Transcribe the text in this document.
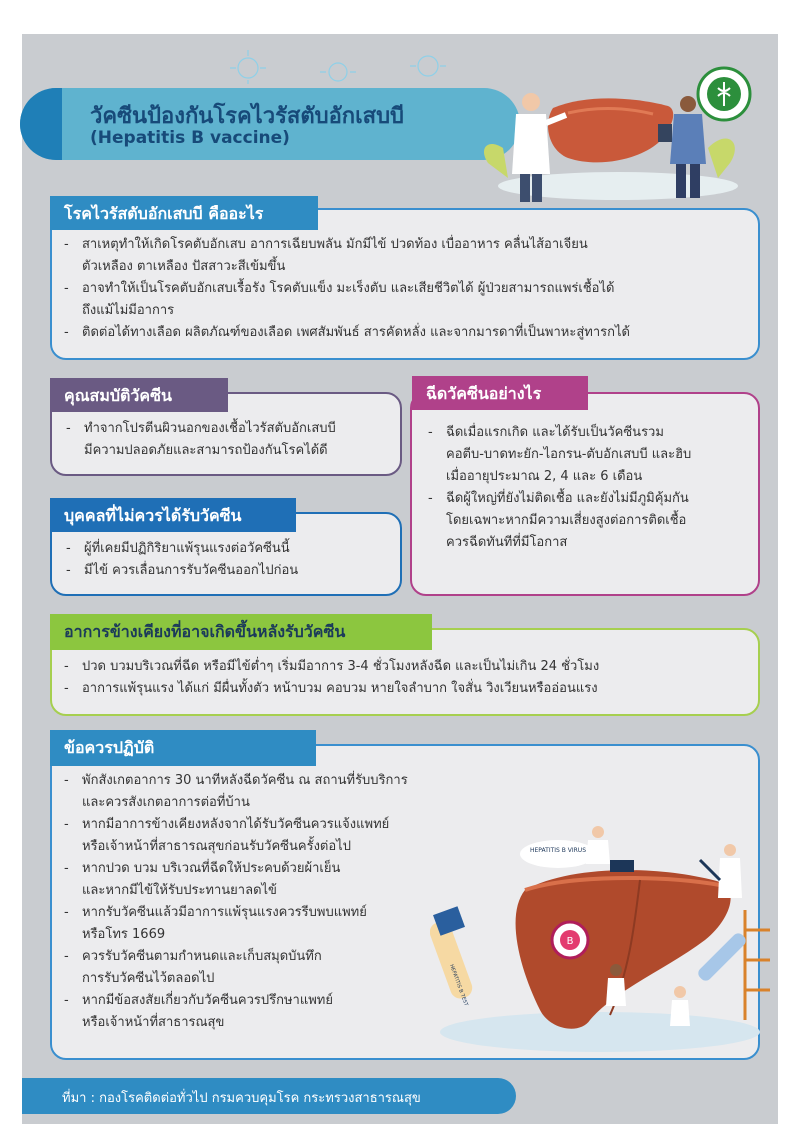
วัคซีนป้องกันโรคไวรัสตับอักเสบบี
(Hepatitis B vaccine)
โรคไวรัสตับอักเสบบี คืออะไร
- สาเหตุทำให้เกิดโรคตับอักเสบ อาการเฉียบพลัน มักมีไข้ ปวดท้อง เบื่ออาหาร คลื่นไส้อาเจียน
ตัวเหลือง ตาเหลือง ปัสสาวะสีเข้มขึ้น
- อาจทำให้เป็นโรคตับอักเสบเรื้อรัง โรคตับแข็ง มะเร็งตับ และเสียชีวิตได้ ผู้ป่วยสามารถแพร่เชื้อได้
ถึงแม้ไม่มีอาการ
- ติดต่อได้ทางเลือด ผลิตภัณฑ์ของเลือด เพศสัมพันธ์ สารคัดหลั่ง และจากมารดาที่เป็นพาหะสู่ทารกได้
คุณสมบัติวัคซีน
- ทำจากโปรตีนผิวนอกของเชื้อไวรัสตับอักเสบบี
มีความปลอดภัยและสามารถป้องกันโรคได้ดี
ฉีดวัคซีนอย่างไร
- ฉีดเมื่อแรกเกิด และได้รับเป็นวัคซีนรวม
คอตีบ-บาดทะยัก-ไอกรน-ตับอักเสบบี และฮิบ
เมื่ออายุประมาณ 2, 4 และ 6 เดือน
- ฉีดผู้ใหญ่ที่ยังไม่ติดเชื้อ และยังไม่มีภูมิคุ้มกัน
โดยเฉพาะหากมีความเสี่ยงสูงต่อการติดเชื้อ
ควรฉีดทันทีที่มีโอกาส
บุคคลที่ไม่ควรได้รับวัคซีน
- ผู้ที่เคยมีปฏิกิริยาแพ้รุนแรงต่อวัคซีนนี้
- มีไข้ ควรเลื่อนการรับวัคซีนออกไปก่อน
อาการข้างเคียงที่อาจเกิดขึ้นหลังรับวัคซีน
- ปวด บวมบริเวณที่ฉีด หรือมีไข้ต่ำๆ เริ่มมีอาการ 3-4 ชั่วโมงหลังฉีด และเป็นไม่เกิน 24 ชั่วโมง
- อาการแพ้รุนแรง ได้แก่ มีผื่นทั้งตัว หน้าบวม คอบวม หายใจลำบาก ใจสั่น วิงเวียนหรืออ่อนแรง
ข้อควรปฏิบัติ
- พักสังเกตอาการ 30 นาทีหลังฉีดวัคซีน ณ สถานที่รับบริการ
และควรสังเกตอาการต่อที่บ้าน
- หากมีอาการข้างเคียงหลังจากได้รับวัคซีนควรแจ้งแพทย์
หรือเจ้าหน้าที่สาธารณสุขก่อนรับวัคซีนครั้งต่อไป
- หากปวด บวม บริเวณที่ฉีดให้ประคบด้วยผ้าเย็น
และหากมีไข้ให้รับประทานยาลดไข้
- หากรับวัคซีนแล้วมีอาการแพ้รุนแรงควรรีบพบแพทย์
หรือโทร 1669
- ควรรับวัคซีนตามกำหนดและเก็บสมุดบันทึก
การรับวัคซีนไว้ตลอดไป
- หากมีข้อสงสัยเกี่ยวกับวัคซีนควรปรึกษาแพทย์
หรือเจ้าหน้าที่สาธารณสุข
B
HEPATITIS B VIRUS
HEPATITIS B TEST
ที่มา : กองโรคติดต่อทั่วไป กรมควบคุมโรค กระทรวงสาธารณสุข
